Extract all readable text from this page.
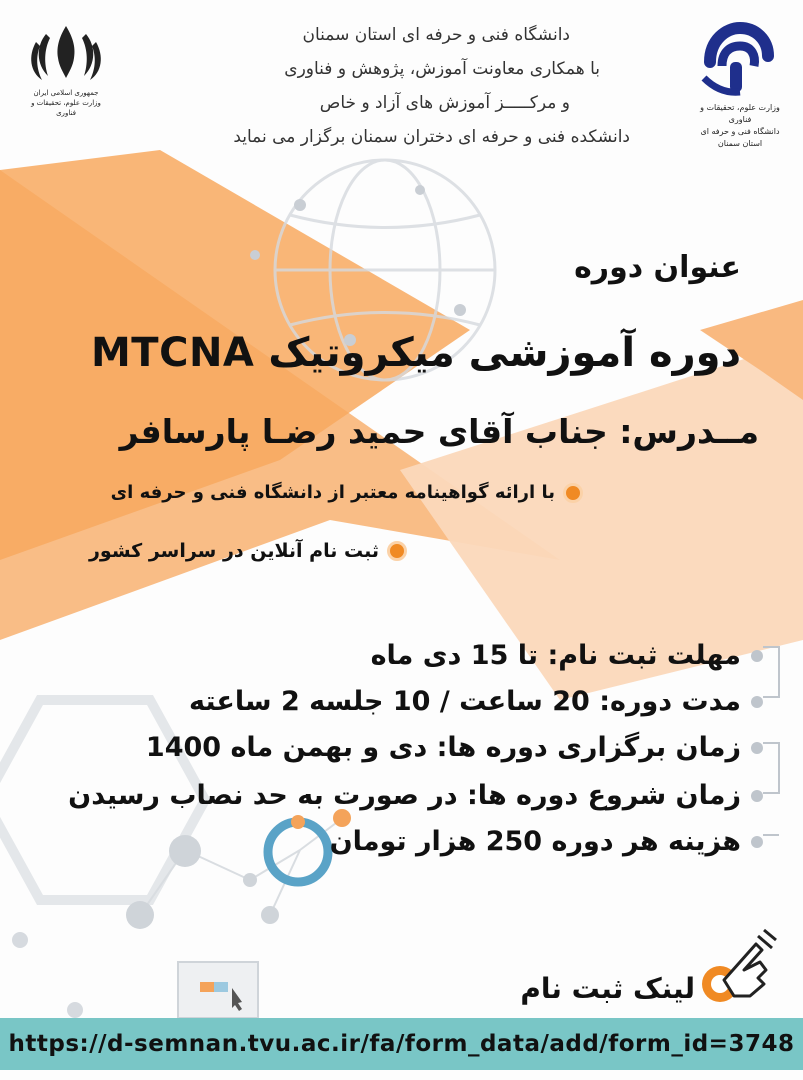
جمهوری اسلامی ایران
وزارت علوم، تحقیقات و فناوری
وزارت علوم، تحقیقات و فناوری
دانشگاه فنی و حرفه ای
استان سمنان
دانشگاه فنی و حرفه ای استان سمنان
با همکاری معاونت آموزش، پژوهش و فناوری
و مرکـــــز آموزش های آزاد و خاص
دانشکده فنی و حرفه ای دختران سمنان برگزار می نماید
عنوان دوره
دوره آموزشی میکروتیک MTCNA
مــدرس: جناب آقای حمید رضـا پارسافر
با ارائه گواهینامه معتبر از دانشگاه فنی و حرفه ای
ثبت نام آنلاین در سراسر کشور
مهلت ثبت نام: تا 15 دی ماه
مدت دوره: 20 ساعت / 10 جلسه 2 ساعته
زمان برگزاری دوره ها: دی و بهمن ماه 1400
زمان شروع دوره ها: در صورت به حد نصاب رسیدن
هزینه هر دوره 250 هزار تومان
لینک ثبت نام
https://d-semnan.tvu.ac.ir/fa/form_data/add/form_id=3748
